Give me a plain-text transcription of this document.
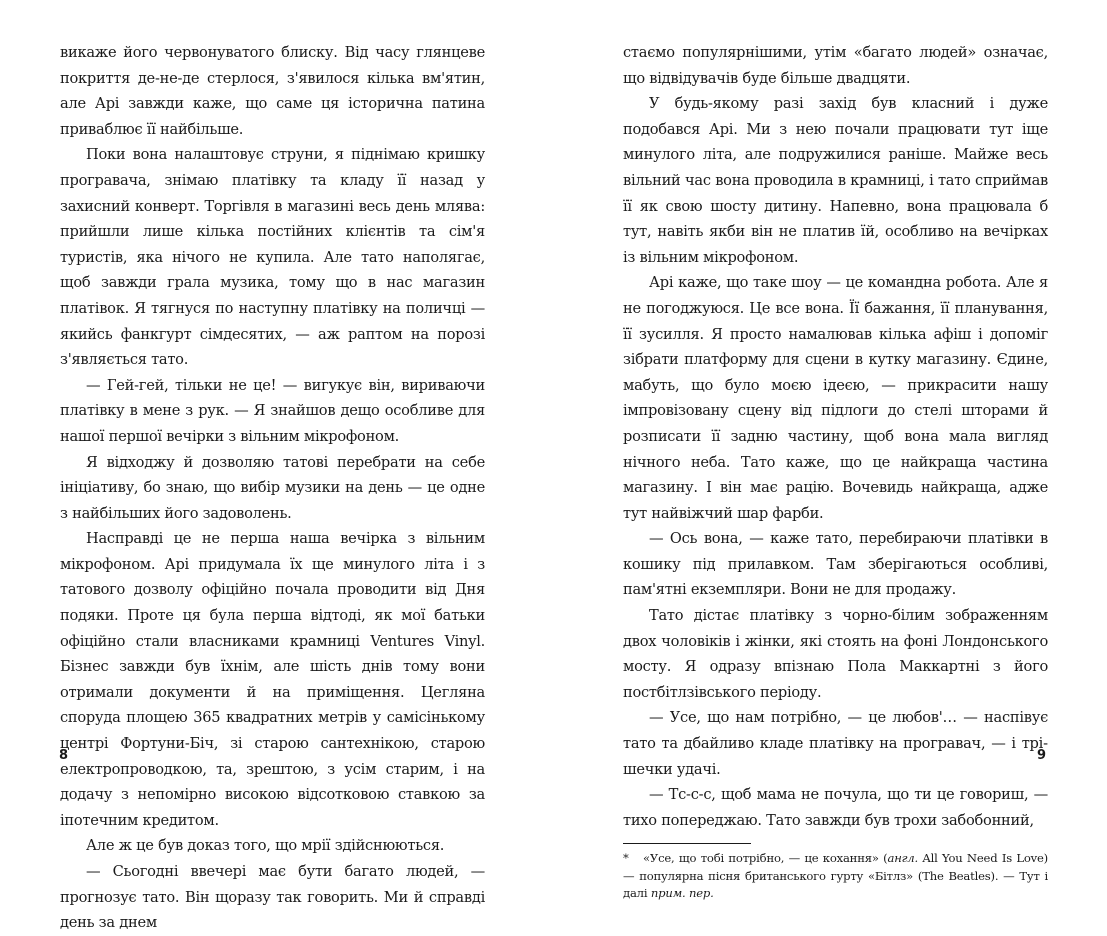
викаже його червонуватого блиску. Від часу глянцеве покриття де-не-де стерлося, з'явилося кілька вм'ятин, але Арі завжди каже, що саме ця історична патина приваблює її найбільше.

Поки вона налаштовує струни, я піднімаю кришку програвача, знімаю платівку та кладу її назад у захисний конверт. Торгівля в магазині весь день млява: прийшли лише кілька постійних клієнтів та сім'я туристів, яка нічого не купила. Але тато наполягає, щоб завжди грала музика, тому що в нас магазин платівок. Я тягнуся по наступну платівку на поличці — якийсь фанкгурт сімдесятих, — аж раптом на порозі з'являється тато.

— Гей-гей, тільки не це! — вигукує він, вириваючи платівку в мене з рук. — Я знайшов дещо особливе для нашої першої вечірки з вільним мікрофоном.

Я відходжу й дозволяю татові перебрати на себе ініціативу, бо знаю, що вибір музики на день — це одне з найбільших його задоволень.

Насправді це не перша наша вечірка з вільним мікрофоном. Арі придумала їх ще минулого літа і з татового дозволу офіційно почала проводити від Дня подяки. Проте ця була перша відтоді, як мої батьки офіційно стали власниками крамниці Ventures Vinyl. Бізнес завжди був їхнім, але шість днів тому вони отримали документи й на приміщення. Цегляна споруда площею 365 квадратних метрів у самісінькому центрі Фортуни-Біч, зі старою сантехнікою, старою електропроводкою, та, зрештою, з усім старим, і на додачу з непомірно високою відсотковою ставкою за іпотечним кредитом.

Але ж це був доказ того, що мрії здійснюються.

— Сьогодні ввечері має бути багато людей, — прогнозує тато. Він щоразу так говорить. Ми й справді день за днем

стаємо популярнішими, утім «багато людей» означає, що відвідувачів буде більше двадцяти.

У будь-якому разі захід був класний і дуже подобався Арі. Ми з нею почали працювати тут іще минулого літа, але подружилися раніше. Майже весь вільний час вона проводила в крамниці, і тато сприймав її як свою шосту дитину. Напевно, вона працювала б тут, навіть якби він не платив їй, особливо на вечірках із вільним мікрофоном.

Арі каже, що таке шоу — це командна робота. Але я не погоджуюся. Це все вона. Її бажання, її планування, її зусилля. Я просто намалював кілька афіш і допоміг зібрати платформу для сцени в кутку магазину. Єдине, мабуть, що було моєю ідеєю, — прикрасити нашу імпровізовану сцену від підлоги до стелі шторами й розписати її задню частину, щоб вона мала вигляд нічного неба. Тато каже, що це найкраща частина магазину. І він має рацію. Вочевидь найкраща, адже тут найвіжчий шар фарби.

— Ось вона, — каже тато, перебираючи платівки в кошику під прилавком. Там зберігаються особливі, пам'ятні екземпляри. Вони не для продажу.

Тато дістає платівку з чорно-білим зображенням двох чоловіків і жінки, які стоять на фоні Лондонського мосту. Я одразу впізнаю Пола Маккартні з його постбітлзівського періоду.

— Усе, що нам потрібно, — це любов'… — наспівує тато та дбайливо кладе платівку на програвач, — і трішечки удачі.

— Тс-с-с, щоб мама не почула, що ти це говориш, — тихо попереджаю. Тато завжди був трохи забобонний,

* «Усе, що тобі потрібно, — це кохання» (англ. All You Need Is Love) — популярна пісня британського гурту «Бітлз» (The Beatles). — Тут і далі прим. пер.

8	9
